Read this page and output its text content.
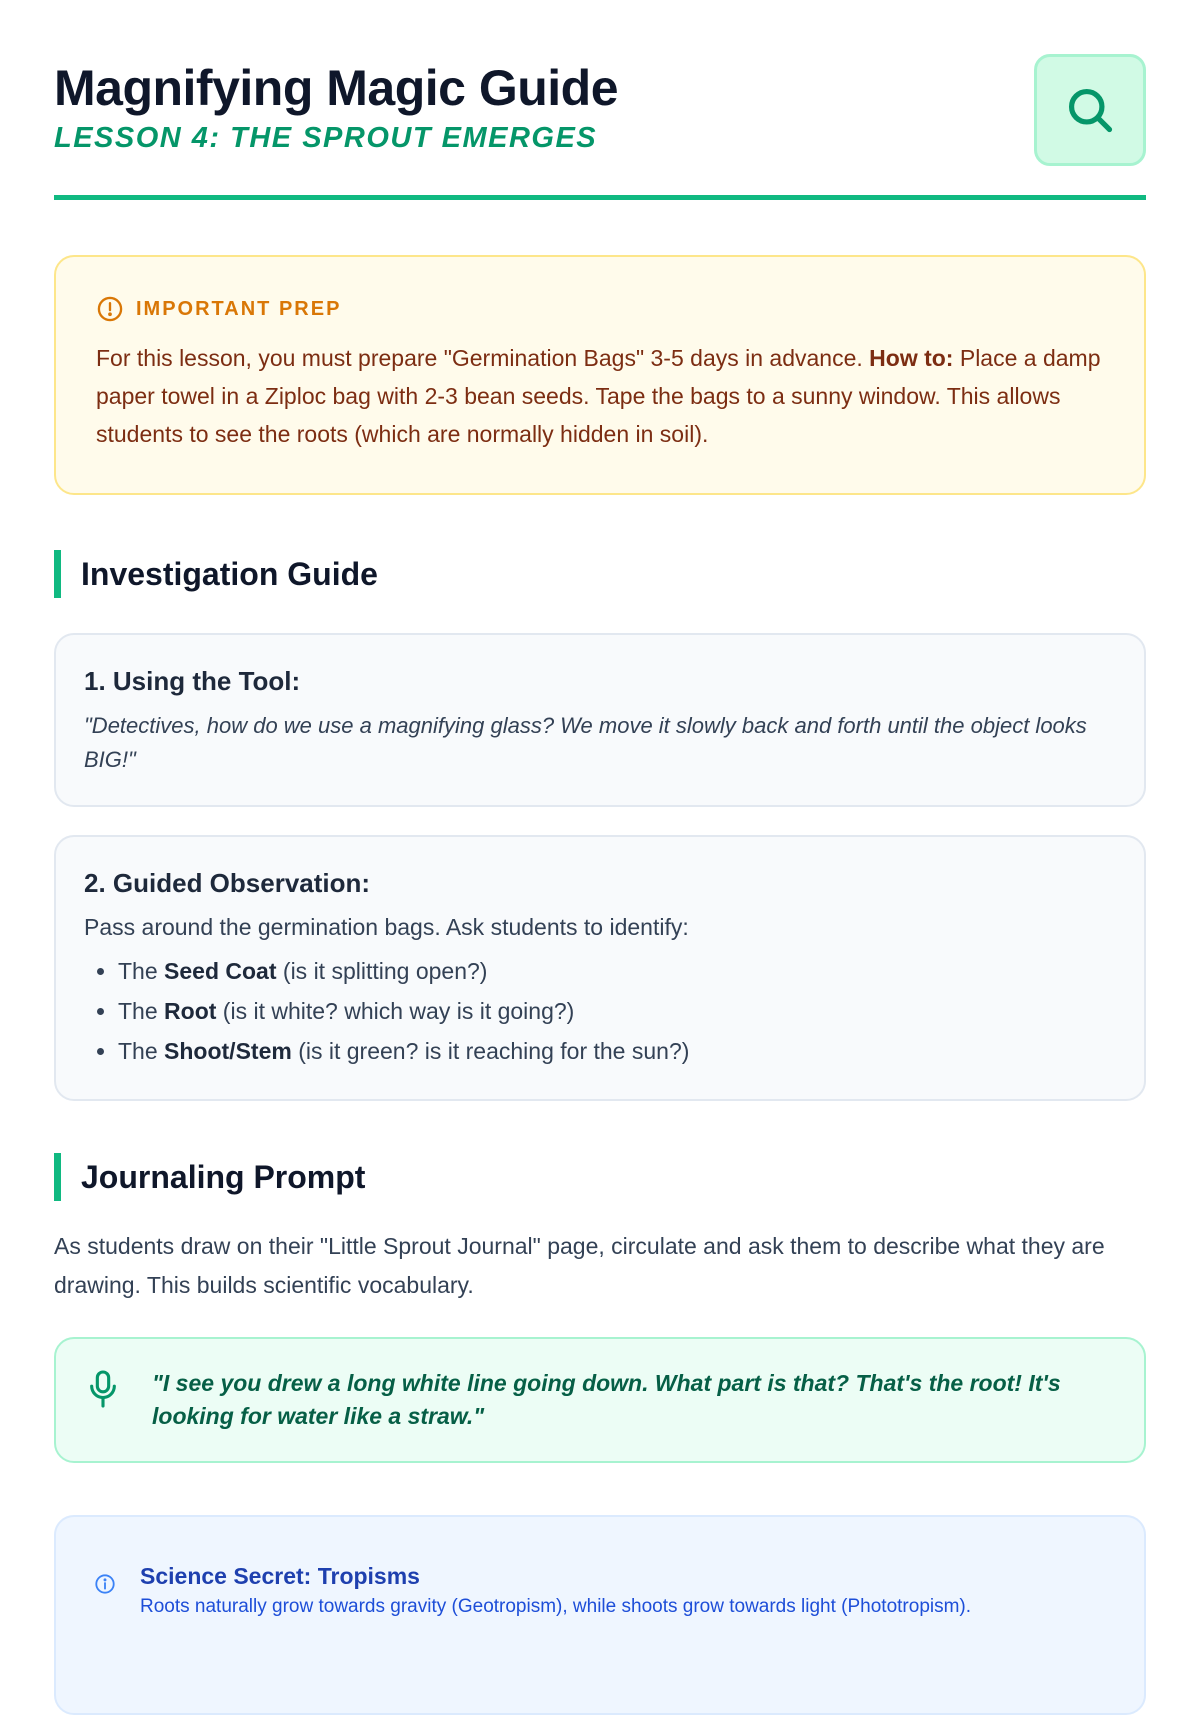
Magnifying Magic Guide
LESSON 4: THE SPROUT EMERGES
IMPORTANT PREP

For this lesson, you must prepare "Germination Bags" 3-5 days in advance. How to: Place a damp paper towel in a Ziploc bag with 2-3 bean seeds. Tape the bags to a sunny window. This allows students to see the roots (which are normally hidden in soil).

Investigation Guide
1. Using the Tool:

"Detectives, how do we use a magnifying glass? We move it slowly back and forth until the object looks BIG!"

2. Guided Observation:

Pass around the germination bags. Ask students to identify:

• The Seed Coat (is it splitting open?)
• The Root (is it white? which way is it going?)
• The Shoot/Stem (is it green? is it reaching for the sun?)
Journaling Prompt

As students draw on their "Little Sprout Journal" page, circulate and ask them to describe what they are drawing. This builds scientific vocabulary.

"I see you drew a long white line going down. What part is that? That's the root! It's looking for water like a straw."

Science Secret: Tropisms

Roots naturally grow towards gravity (Geotropism), while shoots grow towards light (Phototropism).
